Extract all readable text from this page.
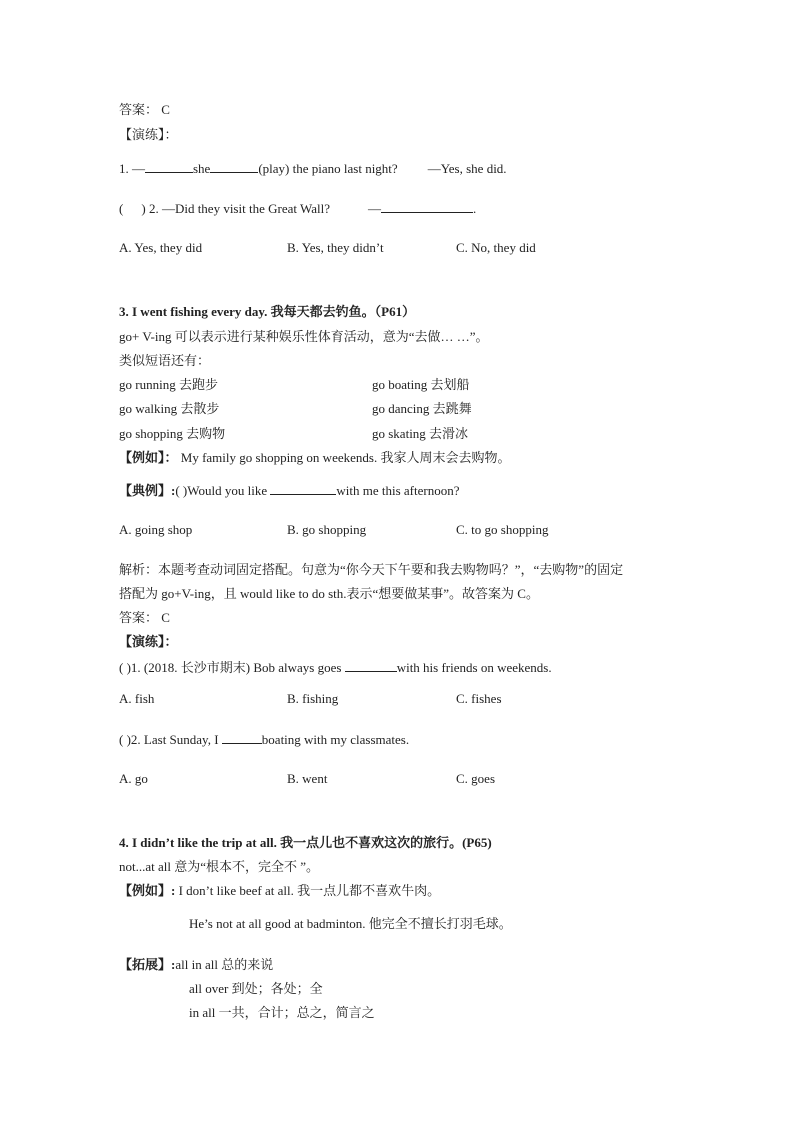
答案： C
【演练】：
1. —	she	(play) the piano last night? —Yes, she did.
( ) 2. —Did they visit the Great Wall?	—	.
A. Yes, they did	B. Yes, they didn’t	C. No, they did
3. I went fishing every day. 我每天都去钓鱼。（P61）
go+ V-ing 可以表示进行某种娱乐性体育活动，意为“去做… …”。
类似短语还有：
go running 去跑步	go boating 去划船
go walking 去散步	go dancing 去跳舞
go shopping 去购物	go skating 去滑冰
【例如】： My family go shopping on weekends. 我家人周末会去购物。
【典例】:( )Would you like	with me this afternoon?
A. going shop	B. go shopping	C. to go shopping
解析：本题考查动词固定搭配。句意为“你今天下午要和我去购物吗？”，“去购物”的固定
搭配为 go+V-ing，且 would like to do sth.表示“想要做某事”。故答案为 C。
答案： C
【演练】：
( )1. (2018. 长沙市期末) Bob always goes	with his friends on weekends.
A. fish	B. fishing	C. fishes
( )2. Last Sunday, I	boating with my classmates.
A. go	B. went	C. goes
4. I didn’t like the trip at all. 我一点儿也不喜欢这次的旅行。(P65)
not...at all 意为“根本不，完全不 ”。
【例如】: I don’t like beef at all. 我一点儿都不喜欢牛肉。
He’s not at all good at badminton. 他完全不擅长打羽毛球。
【拓展】:all in all 总的来说
all over 到处；各处；全
in all 一共，合计；总之，简言之
